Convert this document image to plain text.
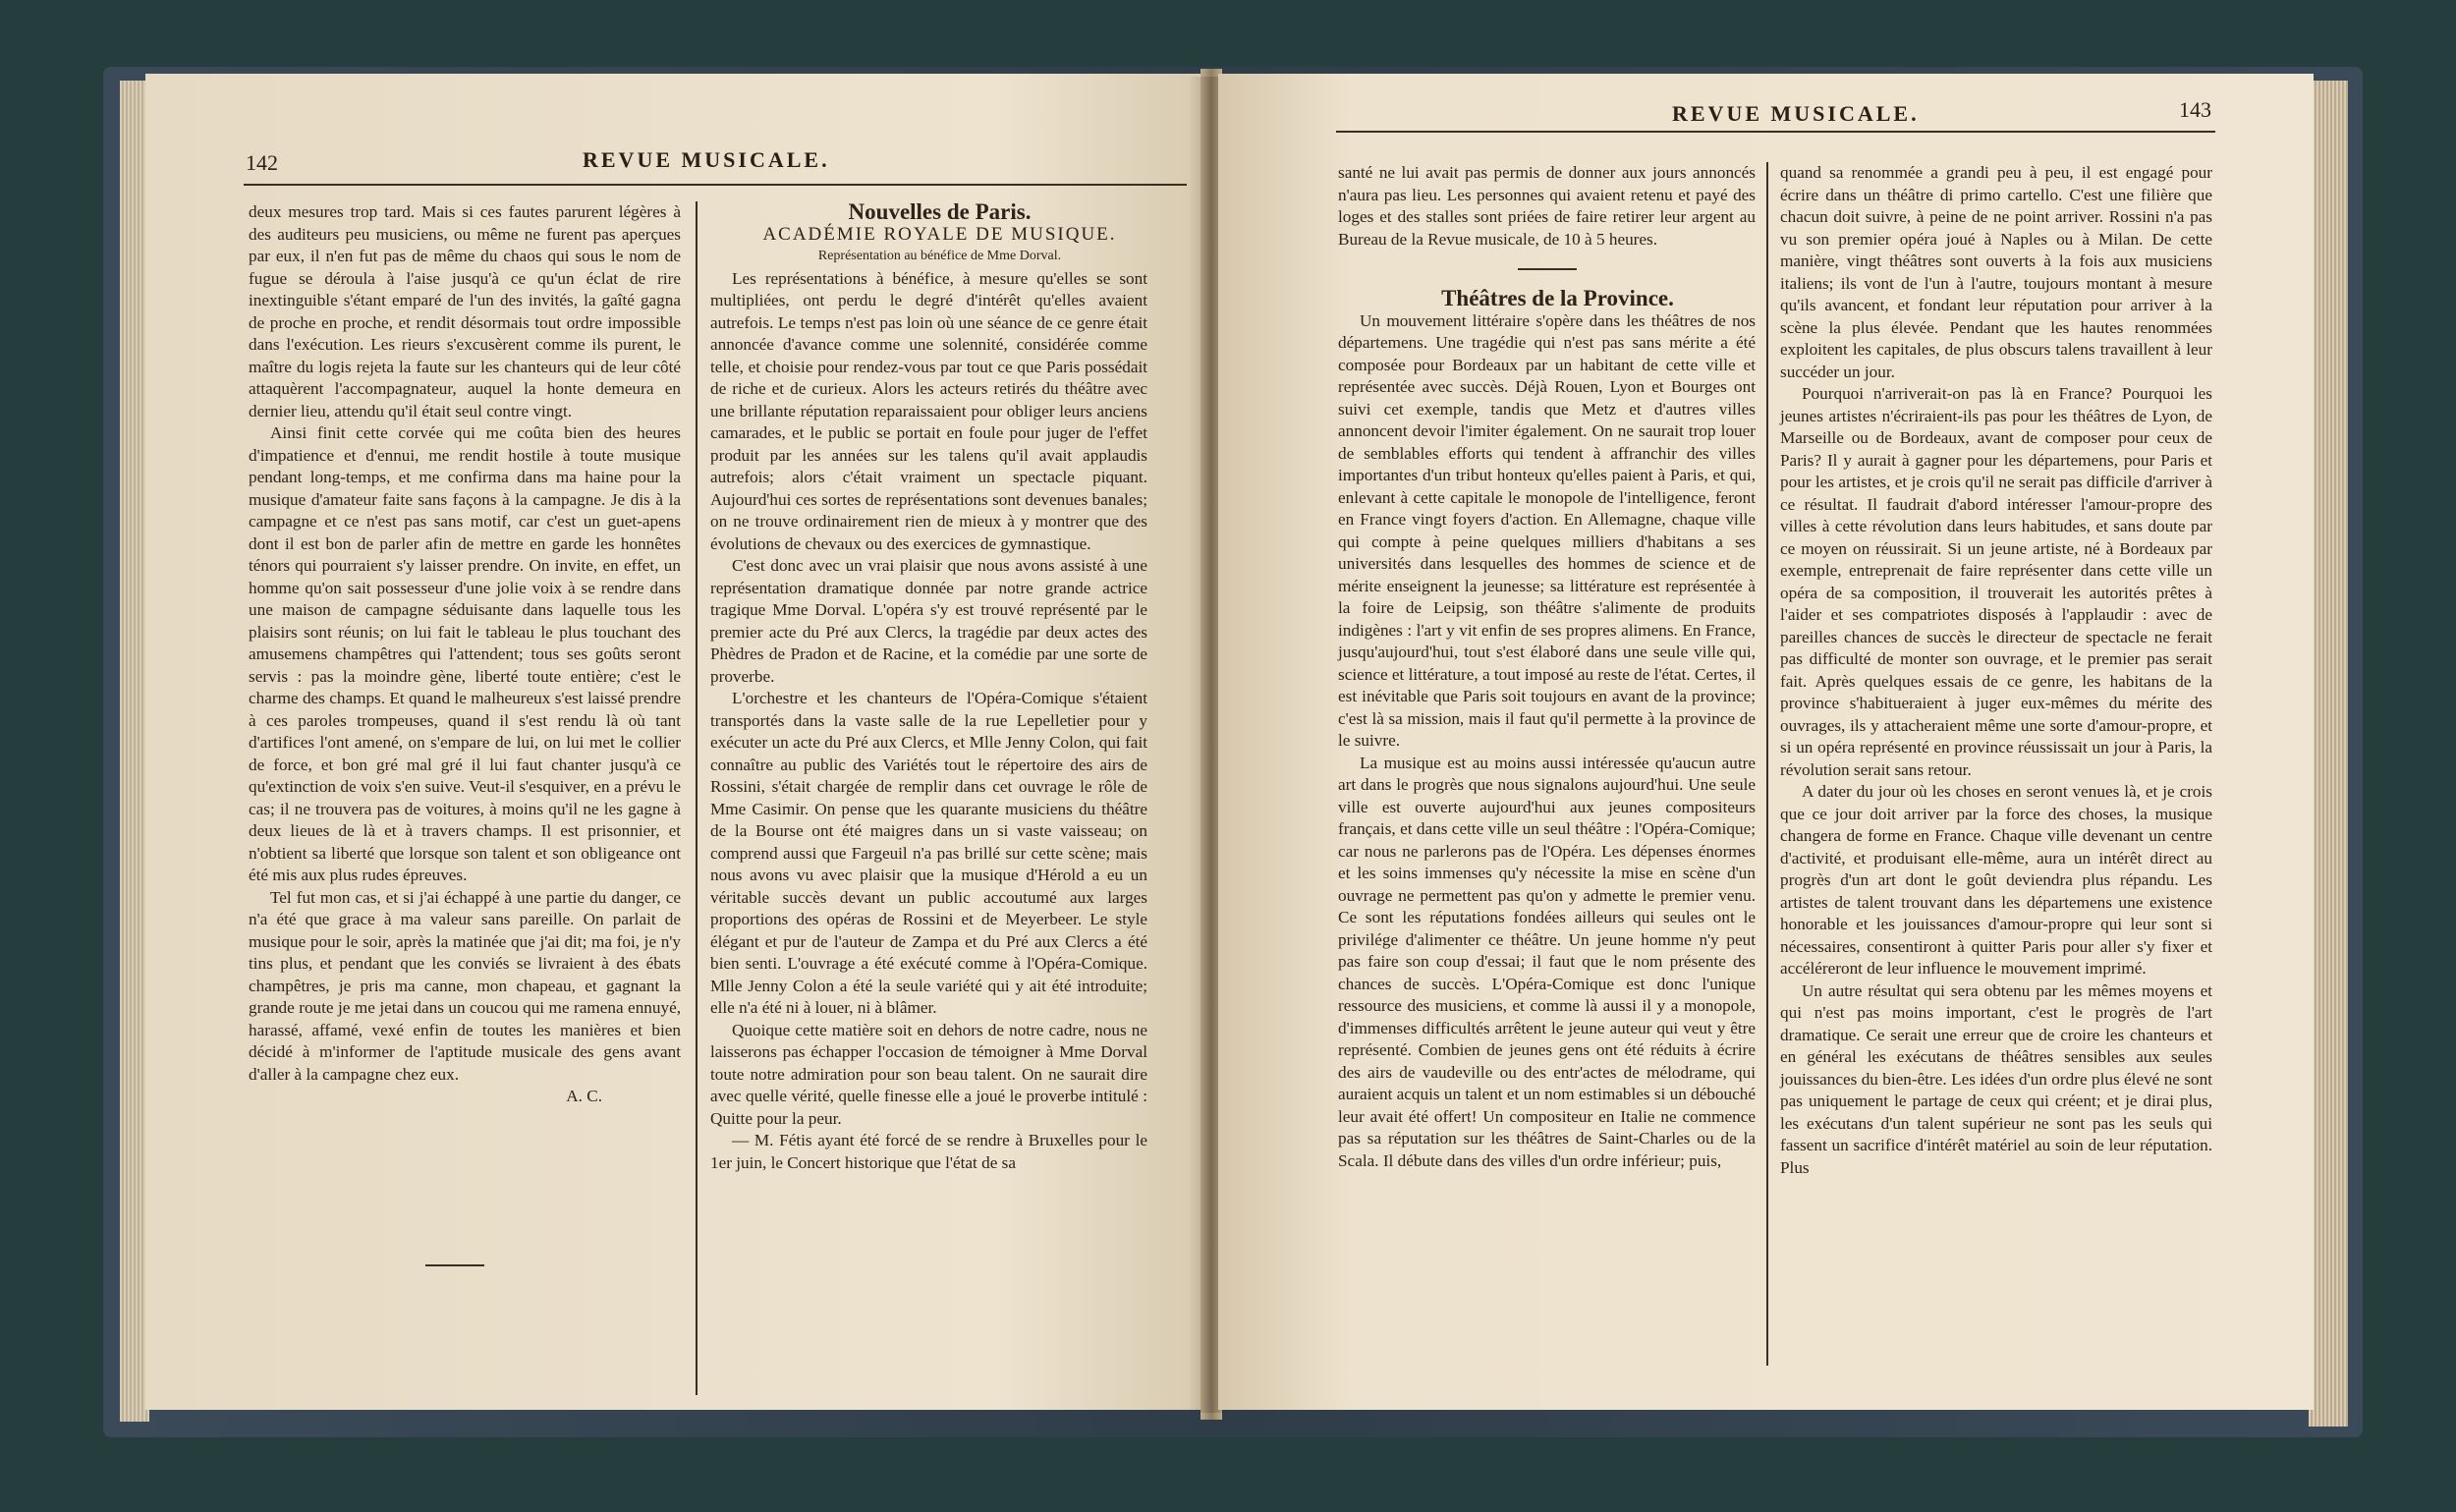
142	REVUE MUSICALE.

deux mesures trop tard. Mais si ces fautes parurent légères à des auditeurs peu musiciens, ou même ne furent pas aperçues par eux, il n'en fut pas de même du chaos qui sous le nom de fugue se déroula à l'aise jusqu'à ce qu'un éclat de rire inextinguible s'étant emparé de l'un des invités, la gaîté gagna de proche en proche, et rendit désormais tout ordre impossible dans l'exécution. Les rieurs s'excusèrent comme ils purent, le maître du logis rejeta la faute sur les chanteurs qui de leur côté attaquèrent l'accompagnateur, auquel la honte demeura en dernier lieu, attendu qu'il était seul contre vingt.

Ainsi finit cette corvée qui me coûta bien des heures d'impatience et d'ennui, me rendit hostile à toute musique pendant long-temps, et me confirma dans ma haine pour la musique d'amateur faite sans façons à la campagne. Je dis à la campagne et ce n'est pas sans motif, car c'est un guet-apens dont il est bon de parler afin de mettre en garde les honnêtes ténors qui pourraient s'y laisser prendre. On invite, en effet, un homme qu'on sait possesseur d'une jolie voix à se rendre dans une maison de campagne séduisante dans laquelle tous les plaisirs sont réunis; on lui fait le tableau le plus touchant des amusemens champêtres qui l'attendent; tous ses goûts seront servis : pas la moindre gène, liberté toute entière; c'est le charme des champs. Et quand le malheureux s'est laissé prendre à ces paroles trompeuses, quand il s'est rendu là où tant d'artifices l'ont amené, on s'empare de lui, on lui met le collier de force, et bon gré mal gré il lui faut chanter jusqu'à ce qu'extinction de voix s'en suive. Veut-il s'esquiver, en a prévu le cas; il ne trouvera pas de voitures, à moins qu'il ne les gagne à deux lieues de là et à travers champs. Il est prisonnier, et n'obtient sa liberté que lorsque son talent et son obligeance ont été mis aux plus rudes épreuves.

Tel fut mon cas, et si j'ai échappé à une partie du danger, ce n'a été que grace à ma valeur sans pareille. On parlait de musique pour le soir, après la matinée que j'ai dit; ma foi, je n'y tins plus, et pendant que les conviés se livraient à des ébats champêtres, je pris ma canne, mon chapeau, et gagnant la grande route je me jetai dans un coucou qui me ramena ennuyé, harassé, affamé, vexé enfin de toutes les manières et bien décidé à m'informer de l'aptitude musicale des gens avant d'aller à la campagne chez eux.

A. C.

Nouvelles de Paris.

ACADÉMIE ROYALE DE MUSIQUE.

Représentation au bénéfice de Mme Dorval.

Les représentations à bénéfice, à mesure qu'elles se sont multipliées, ont perdu le degré d'intérêt qu'elles avaient autrefois. Le temps n'est pas loin où une séance de ce genre était annoncée d'avance comme une solennité, considérée comme telle, et choisie pour rendez-vous par tout ce que Paris possédait de riche et de curieux. Alors les acteurs retirés du théâtre avec une brillante réputation reparaissaient pour obliger leurs anciens camarades, et le public se portait en foule pour juger de l'effet produit par les années sur les talens qu'il avait applaudis autrefois; alors c'était vraiment un spectacle piquant. Aujourd'hui ces sortes de représentations sont devenues banales; on ne trouve ordinairement rien de mieux à y montrer que des évolutions de chevaux ou des exercices de gymnastique.

C'est donc avec un vrai plaisir que nous avons assisté à une représentation dramatique donnée par notre grande actrice tragique Mme Dorval. L'opéra s'y est trouvé représenté par le premier acte du Pré aux Clercs, la tragédie par deux actes des Phèdres de Pradon et de Racine, et la comédie par une sorte de proverbe.

L'orchestre et les chanteurs de l'Opéra-Comique s'étaient transportés dans la vaste salle de la rue Lepelletier pour y exécuter un acte du Pré aux Clercs, et Mlle Jenny Colon, qui fait connaître au public des Variétés tout le répertoire des airs de Rossini, s'était chargée de remplir dans cet ouvrage le rôle de Mme Casimir. On pense que les quarante musiciens du théâtre de la Bourse ont été maigres dans un si vaste vaisseau; on comprend aussi que Fargeuil n'a pas brillé sur cette scène; mais nous avons vu avec plaisir que la musique d'Hérold a eu un véritable succès devant un public accoutumé aux larges proportions des opéras de Rossini et de Meyerbeer. Le style élégant et pur de l'auteur de Zampa et du Pré aux Clercs a été bien senti. L'ouvrage a été exécuté comme à l'Opéra-Comique. Mlle Jenny Colon a été la seule variété qui y ait été introduite; elle n'a été ni à louer, ni à blâmer.

Quoique cette matière soit en dehors de notre cadre, nous ne laisserons pas échapper l'occasion de témoigner à Mme Dorval toute notre admiration pour son beau talent. On ne saurait dire avec quelle vérité, quelle finesse elle a joué le proverbe intitulé : Quitte pour la peur.

— M. Fétis ayant été forcé de se rendre à Bruxelles pour le 1er juin, le Concert historique que l'état de sa

REVUE MUSICALE.	143

santé ne lui avait pas permis de donner aux jours annoncés n'aura pas lieu. Les personnes qui avaient retenu et payé des loges et des stalles sont priées de faire retirer leur argent au Bureau de la Revue musicale, de 10 à 5 heures.

Théâtres de la Province.

Un mouvement littéraire s'opère dans les théâtres de nos départemens. Une tragédie qui n'est pas sans mérite a été composée pour Bordeaux par un habitant de cette ville et représentée avec succès. Déjà Rouen, Lyon et Bourges ont suivi cet exemple, tandis que Metz et d'autres villes annoncent devoir l'imiter également. On ne saurait trop louer de semblables efforts qui tendent à affranchir des villes importantes d'un tribut honteux qu'elles paient à Paris, et qui, enlevant à cette capitale le monopole de l'intelligence, feront en France vingt foyers d'action. En Allemagne, chaque ville qui compte à peine quelques milliers d'habitans a ses universités dans lesquelles des hommes de science et de mérite enseignent la jeunesse; sa littérature est représentée à la foire de Leipsig, son théâtre s'alimente de produits indigènes : l'art y vit enfin de ses propres alimens. En France, jusqu'aujourd'hui, tout s'est élaboré dans une seule ville qui, science et littérature, a tout imposé au reste de l'état. Certes, il est inévitable que Paris soit toujours en avant de la province; c'est là sa mission, mais il faut qu'il permette à la province de le suivre.

La musique est au moins aussi intéressée qu'aucun autre art dans le progrès que nous signalons aujourd'hui. Une seule ville est ouverte aujourd'hui aux jeunes compositeurs français, et dans cette ville un seul théâtre : l'Opéra-Comique; car nous ne parlerons pas de l'Opéra. Les dépenses énormes et les soins immenses qu'y nécessite la mise en scène d'un ouvrage ne permettent pas qu'on y admette le premier venu. Ce sont les réputations fondées ailleurs qui seules ont le privilége d'alimenter ce théâtre. Un jeune homme n'y peut pas faire son coup d'essai; il faut que le nom présente des chances de succès. L'Opéra-Comique est donc l'unique ressource des musiciens, et comme là aussi il y a monopole, d'immenses difficultés arrêtent le jeune auteur qui veut y être représenté. Combien de jeunes gens ont été réduits à écrire des airs de vaudeville ou des entr'actes de mélodrame, qui auraient acquis un talent et un nom estimables si un débouché leur avait été offert! Un compositeur en Italie ne commence pas sa réputation sur les théâtres de Saint-Charles ou de la Scala. Il débute dans des villes d'un ordre inférieur; puis,

quand sa renommée a grandi peu à peu, il est engagé pour écrire dans un théâtre di primo cartello. C'est une filière que chacun doit suivre, à peine de ne point arriver. Rossini n'a pas vu son premier opéra joué à Naples ou à Milan. De cette manière, vingt théâtres sont ouverts à la fois aux musiciens italiens; ils vont de l'un à l'autre, toujours montant à mesure qu'ils avancent, et fondant leur réputation pour arriver à la scène la plus élevée. Pendant que les hautes renommées exploitent les capitales, de plus obscurs talens travaillent à leur succéder un jour.

Pourquoi n'arriverait-on pas là en France? Pourquoi les jeunes artistes n'écriraient-ils pas pour les théâtres de Lyon, de Marseille ou de Bordeaux, avant de composer pour ceux de Paris? Il y aurait à gagner pour les départemens, pour Paris et pour les artistes, et je crois qu'il ne serait pas difficile d'arriver à ce résultat. Il faudrait d'abord intéresser l'amour-propre des villes à cette révolution dans leurs habitudes, et sans doute par ce moyen on réussirait. Si un jeune artiste, né à Bordeaux par exemple, entreprenait de faire représenter dans cette ville un opéra de sa composition, il trouverait les autorités prêtes à l'aider et ses compatriotes disposés à l'applaudir : avec de pareilles chances de succès le directeur de spectacle ne ferait pas difficulté de monter son ouvrage, et le premier pas serait fait. Après quelques essais de ce genre, les habitans de la province s'habitueraient à juger eux-mêmes du mérite des ouvrages, ils y attacheraient même une sorte d'amour-propre, et si un opéra représenté en province réussissait un jour à Paris, la révolution serait sans retour.

A dater du jour où les choses en seront venues là, et je crois que ce jour doit arriver par la force des choses, la musique changera de forme en France. Chaque ville devenant un centre d'activité, et produisant elle-même, aura un intérêt direct au progrès d'un art dont le goût deviendra plus répandu. Les artistes de talent trouvant dans les départemens une existence honorable et les jouissances d'amour-propre qui leur sont si nécessaires, consentiront à quitter Paris pour aller s'y fixer et accéléreront de leur influence le mouvement imprimé.

Un autre résultat qui sera obtenu par les mêmes moyens et qui n'est pas moins important, c'est le progrès de l'art dramatique. Ce serait une erreur que de croire les chanteurs et en général les exécutans de théâtres sensibles aux seules jouissances du bien-être. Les idées d'un ordre plus élevé ne sont pas uniquement le partage de ceux qui créent; et je dirai plus, les exécutans d'un talent supérieur ne sont pas les seuls qui fassent un sacrifice d'intérêt matériel au soin de leur réputation. Plus
